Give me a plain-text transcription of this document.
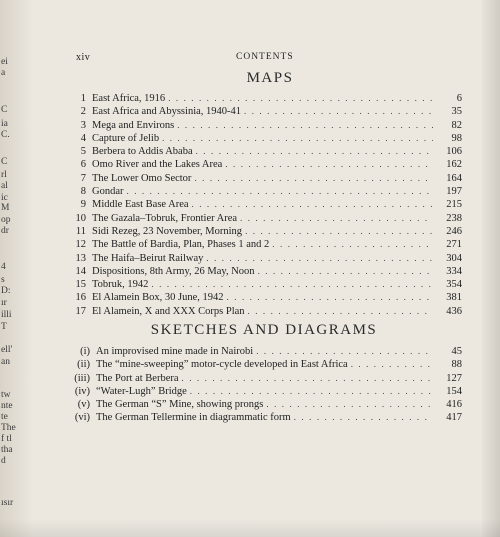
ei
a
C
ia
C.
C
rl
al
ic
M
op
dr
4
s
D:
ır
illi
T
ell'
an
tw
nte
te
The
f tl
tha
d
ısır
xiv	CONTENTS
MAPS
1 East Africa, 1916 . . .	6
2 East Africa and Abyssinia, 1940-41 . . .	35
3 Mega and Environs . . .	82
4 Capture of Jelib . . .	98
5 Berbera to Addis Ababa . . .	106
6 Omo River and the Lakes Area . . .	162
7 The Lower Omo Sector . . .	164
8 Gondar . . .	197
9 Middle East Base Area . . .	215
10 The Gazala–Tobruk, Frontier Area . . .	238
11 Sidi Rezeg, 23 November, Morning . . .	246
12 The Battle of Bardia, Plan, Phases 1 and 2 . . .	271
13 The Haifa–Beirut Railway . . .	304
14 Dispositions, 8th Army, 26 May, Noon . . .	334
15 Tobruk, 1942 . . .	354
16 El Alamein Box, 30 June, 1942 . . .	381
17 El Alamein, X and XXX Corps Plan . . .	436
SKETCHES AND DIAGRAMS
(i) An improvised mine made in Nairobi . . .	45
(ii) The “mine-sweeping” motor-cycle developed in East Africa . . .	88
(iii) The Port at Berbera . . .	127
(iv) “Water-Lugh” Bridge . . .	154
(v) The German “S” Mine, showing prongs . . .	416
(vi) The German Tellermine in diagrammatic form . . .	417
